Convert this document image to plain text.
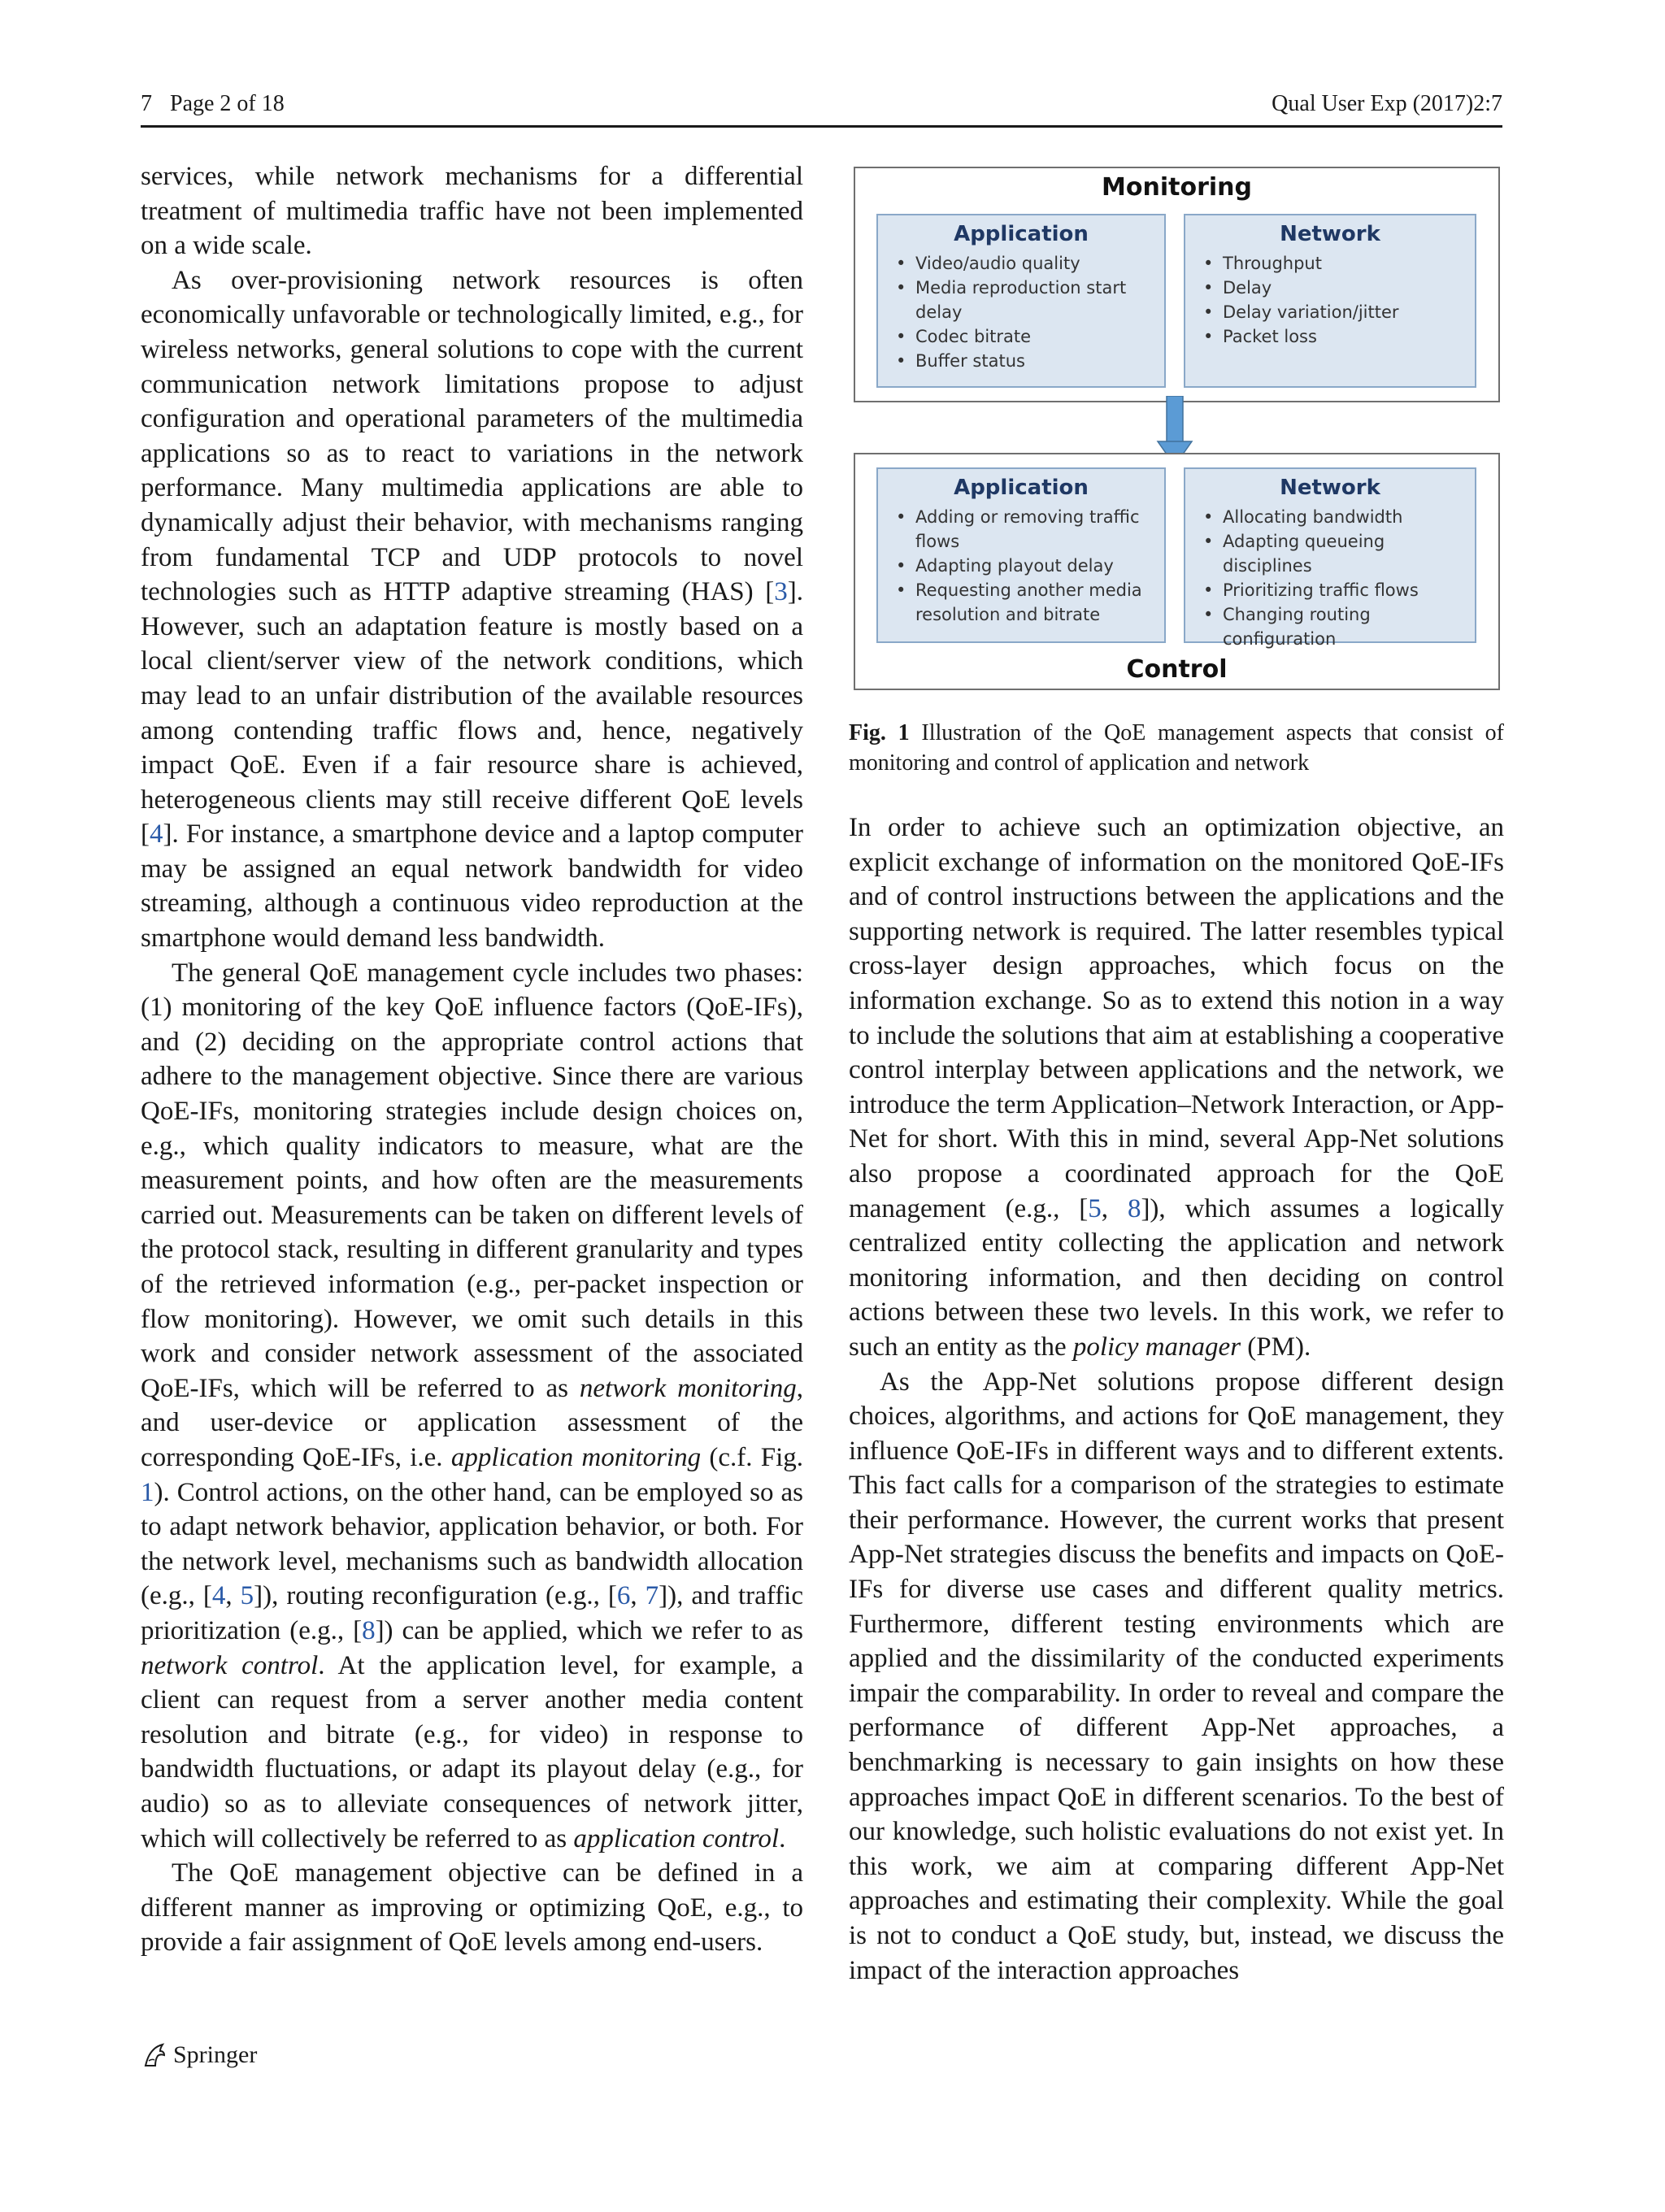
7 Page 2 of 18	Qual User Exp (2017)2:7

services, while network mechanisms for a differential treatment of multimedia traffic have not been implemented on a wide scale.

As over-provisioning network resources is often economically unfavorable or technologically limited, e.g., for wireless networks, general solutions to cope with the current communication network limitations propose to adjust configuration and operational parameters of the multimedia applications so as to react to variations in the network performance. Many multimedia applications are able to dynamically adjust their behavior, with mechanisms ranging from fundamental TCP and UDP protocols to novel technologies such as HTTP adaptive streaming (HAS) [3]. However, such an adaptation feature is mostly based on a local client/server view of the network conditions, which may lead to an unfair distribution of the available resources among contending traffic flows and, hence, negatively impact QoE. Even if a fair resource share is achieved, heterogeneous clients may still receive different QoE levels [4]. For instance, a smartphone device and a laptop computer may be assigned an equal network bandwidth for video streaming, although a continuous video reproduction at the smartphone would demand less bandwidth.

The general QoE management cycle includes two phases: (1) monitoring of the key QoE influence factors (QoE-IFs), and (2) deciding on the appropriate control actions that adhere to the management objective. Since there are various QoE-IFs, monitoring strategies include design choices on, e.g., which quality indicators to measure, what are the measurement points, and how often are the measurements carried out. Measurements can be taken on different levels of the protocol stack, resulting in different granularity and types of the retrieved information (e.g., per-packet inspection or flow monitoring). However, we omit such details in this work and consider network assessment of the associated QoE-IFs, which will be referred to as network monitoring, and user-device or application assessment of the corresponding QoE-IFs, i.e. application monitoring (c.f. Fig. 1). Control actions, on the other hand, can be employed so as to adapt network behavior, application behavior, or both. For the network level, mechanisms such as bandwidth allocation (e.g., [4, 5]), routing reconfiguration (e.g., [6, 7]), and traffic prioritization (e.g., [8]) can be applied, which we refer to as network control. At the application level, for example, a client can request from a server another media content resolution and bitrate (e.g., for video) in response to bandwidth fluctuations, or adapt its playout delay (e.g., for audio) so as to alleviate consequences of network jitter, which will collectively be referred to as application control.

The QoE management objective can be defined in a different manner as improving or optimizing QoE, e.g., to provide a fair assignment of QoE levels among end-users.

Monitoring
Application
• Video/audio quality
• Media reproduction start delay
• Codec bitrate
• Buffer status
Network
• Throughput
• Delay
• Delay variation/jitter
• Packet loss
Application
• Adding or removing traffic flows
• Adapting playout delay
• Requesting another media resolution and bitrate
Network
• Allocating bandwidth
• Adapting queueing disciplines
• Prioritizing traffic flows
• Changing routing configuration
Control
Fig. 1 Illustration of the QoE management aspects that consist of monitoring and control of application and network

In order to achieve such an optimization objective, an explicit exchange of information on the monitored QoE-IFs and of control instructions between the applications and the supporting network is required. The latter resembles typical cross-layer design approaches, which focus on the information exchange. So as to extend this notion in a way to include the solutions that aim at establishing a cooperative control interplay between applications and the network, we introduce the term Application–Network Interaction, or App-Net for short. With this in mind, several App-Net solutions also propose a coordinated approach for the QoE management (e.g., [5, 8]), which assumes a logically centralized entity collecting the application and network monitoring information, and then deciding on control actions between these two levels. In this work, we refer to such an entity as the policy manager (PM).

As the App-Net solutions propose different design choices, algorithms, and actions for QoE management, they influence QoE-IFs in different ways and to different extents. This fact calls for a comparison of the strategies to estimate their performance. However, the current works that present App-Net strategies discuss the benefits and impacts on QoE-IFs for diverse use cases and different quality metrics. Furthermore, different testing environments which are applied and the dissimilarity of the conducted experiments impair the comparability. In order to reveal and compare the performance of different App-Net approaches, a benchmarking is necessary to gain insights on how these approaches impact QoE in different scenarios. To the best of our knowledge, such holistic evaluations do not exist yet. In this work, we aim at comparing different App-Net approaches and estimating their complexity. While the goal is not to conduct a QoE study, but, instead, we discuss the impact of the interaction approaches

Springer
